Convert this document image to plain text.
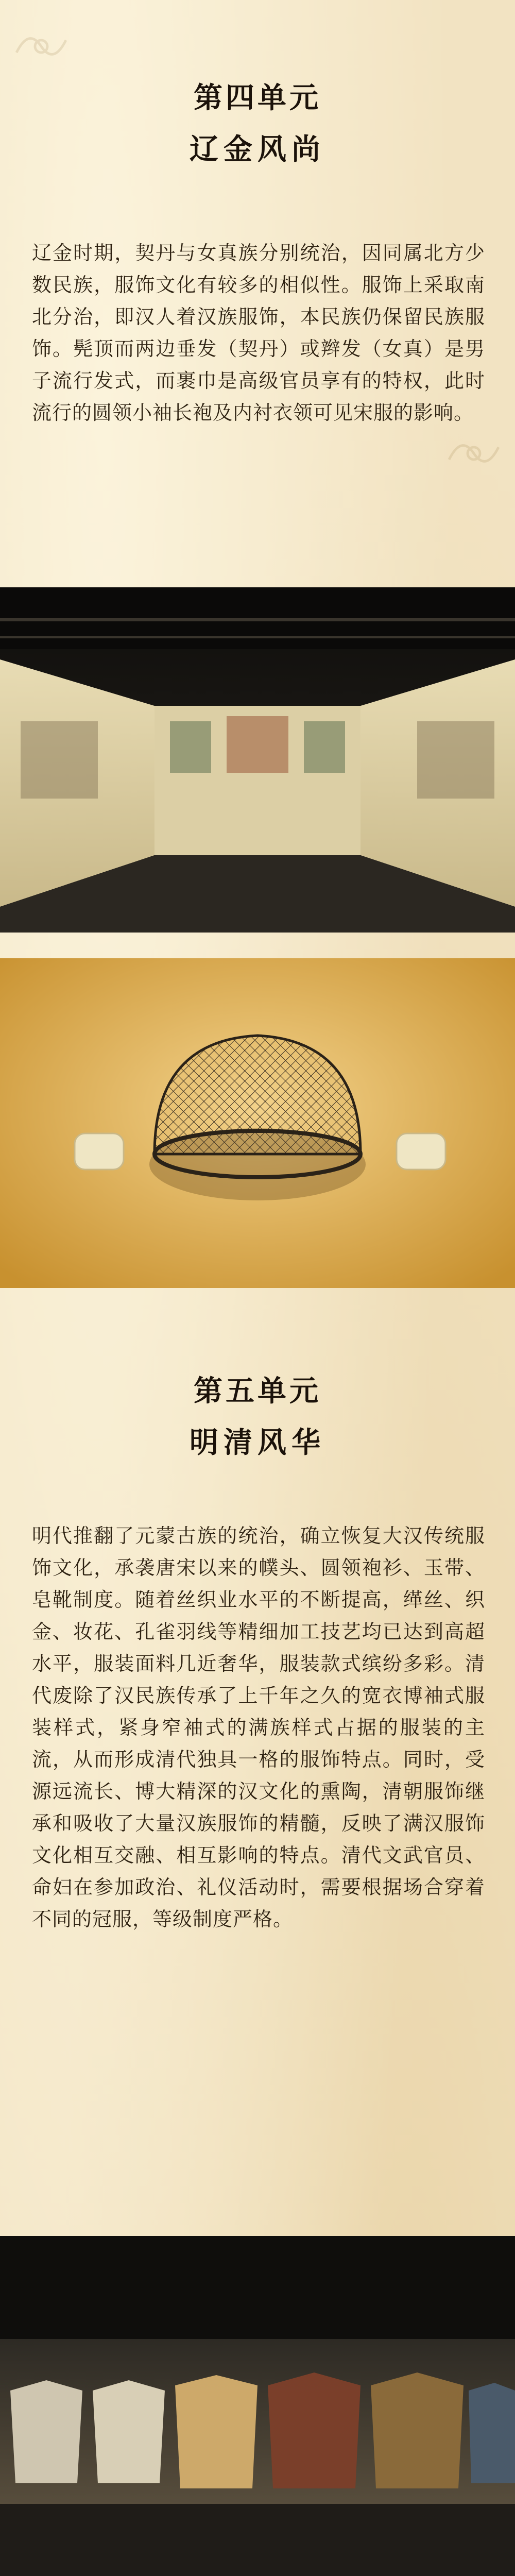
第四单元
辽金风尚
辽金时期，契丹与女真族分别统治，因同属北方少数民族，服饰文化有较多的相似性。服饰上采取南北分治，即汉人着汉族服饰，本民族仍保留民族服饰。髡顶而两边垂发（契丹）或辫发（女真）是男子流行发式，而裹巾是高级官员享有的特权，此时流行的圆领小袖长袍及内衬衣领可见宋服的影响。
第五单元
明清风华
明代推翻了元蒙古族的统治，确立恢复大汉传统服饰文化，承袭唐宋以来的幞头、圆领袍衫、玉带、皂靴制度。随着丝织业水平的不断提高，缂丝、织金、妆花、孔雀羽线等精细加工技艺均已达到高超水平，服装面料几近奢华，服装款式缤纷多彩。清代废除了汉民族传承了上千年之久的宽衣博袖式服装样式，紧身窄袖式的满族样式占据的服装的主流，从而形成清代独具一格的服饰特点。同时，受源远流长、博大精深的汉文化的熏陶，清朝服饰继承和吸收了大量汉族服饰的精髓，反映了满汉服饰文化相互交融、相互影响的特点。清代文武官员、命妇在参加政治、礼仪活动时，需要根据场合穿着不同的冠服，等级制度严格。
